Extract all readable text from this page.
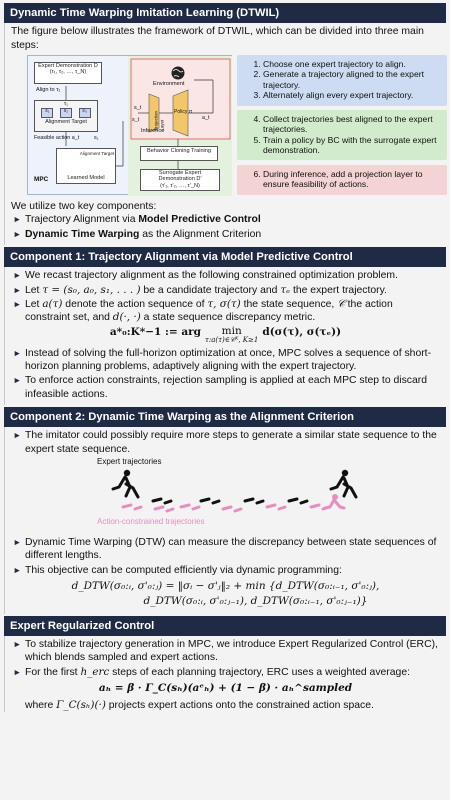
Dynamic Time Warping Imitation Learning (DTWIL)
The figure below illustrates the framework of DTWIL, which can be divided into three main steps:
Expert Demonstration D
(τ₁, τ₂, …, τ_N)
Align to τ₁
τ₁
s₁	s₂	s₃
Alignment Target
Feasible action a_t	s₁
Alignment Target
Learned Model
MPC
Environment
Projection Layer
Policy π
Inference
s_t
a_t
s_t
Behavior Cloning Training
Surrogate Expert Demonstration D'
(τ'₁, τ'₂, …, τ'_N)
1. Choose one expert trajectory to align.
2. Generate a trajectory aligned to the expert trajectory.
3. Alternately align every expert trajectory.
4. Collect trajectories best aligned to the expert trajectories.
5. Train a policy by BC with the surrogate expert demonstration.
6. During inference, add a projection layer to ensure feasibility of actions.
We utilize two key components:
► Trajectory Alignment via Model Predictive Control
► Dynamic Time Warping as the Alignment Criterion
Component 1: Trajectory Alignment via Model Predictive Control
► We recast trajectory alignment as the following constrained optimization problem.
► Let τ = (s₀, a₀, s₁, . . . ) be a candidate trajectory and τₑ the expert trajectory.
► Let a(τ) denote the action sequence of τ, σ(τ) the state sequence, 𝒞 the action constraint set, and d(·, ·) a state sequence discrepancy metric.
a*₀:K*−1 := arg min
τ:a(τ)∈𝒞ᴷ, K≥1
d(σ(τ), σ(τₑ))
► Instead of solving the full-horizon optimization at once, MPC solves a sequence of short-horizon planning problems, adaptively aligning with the expert trajectory.
► To enforce action constraints, rejection sampling is applied at each MPC step to discard infeasible actions.
Component 2: Dynamic Time Warping as the Alignment Criterion
► The imitator could possibly require more steps to generate a similar state sequence to the expert state sequence.
Expert trajectories
Action-constrained trajectories
► Dynamic Time Warping (DTW) can measure the discrepancy between state sequences of different lengths.
► This objective can be computed efficiently via dynamic programming:
d_DTW(σ₀:ᵢ, σ'₀:ⱼ) = ‖σᵢ − σ'ⱼ‖₂ + min {d_DTW(σ₀:ᵢ₋₁, σ'₀:ⱼ),
d_DTW(σ₀:ᵢ, σ'₀:ⱼ₋₁), d_DTW(σ₀:ᵢ₋₁, σ'₀:ⱼ₋₁)}
Expert Regularized Control
► To stabilize trajectory generation in MPC, we introduce Expert Regularized Control (ERC), which blends sampled and expert actions.
► For the first h_erc steps of each planning trajectory, ERC uses a weighted average:
aₕ = β · Γ_C(sₕ)(aᵉₕ) + (1 − β) · aₕ^sampled
where Γ_C(sₕ)(·) projects expert actions onto the constrained action space.
